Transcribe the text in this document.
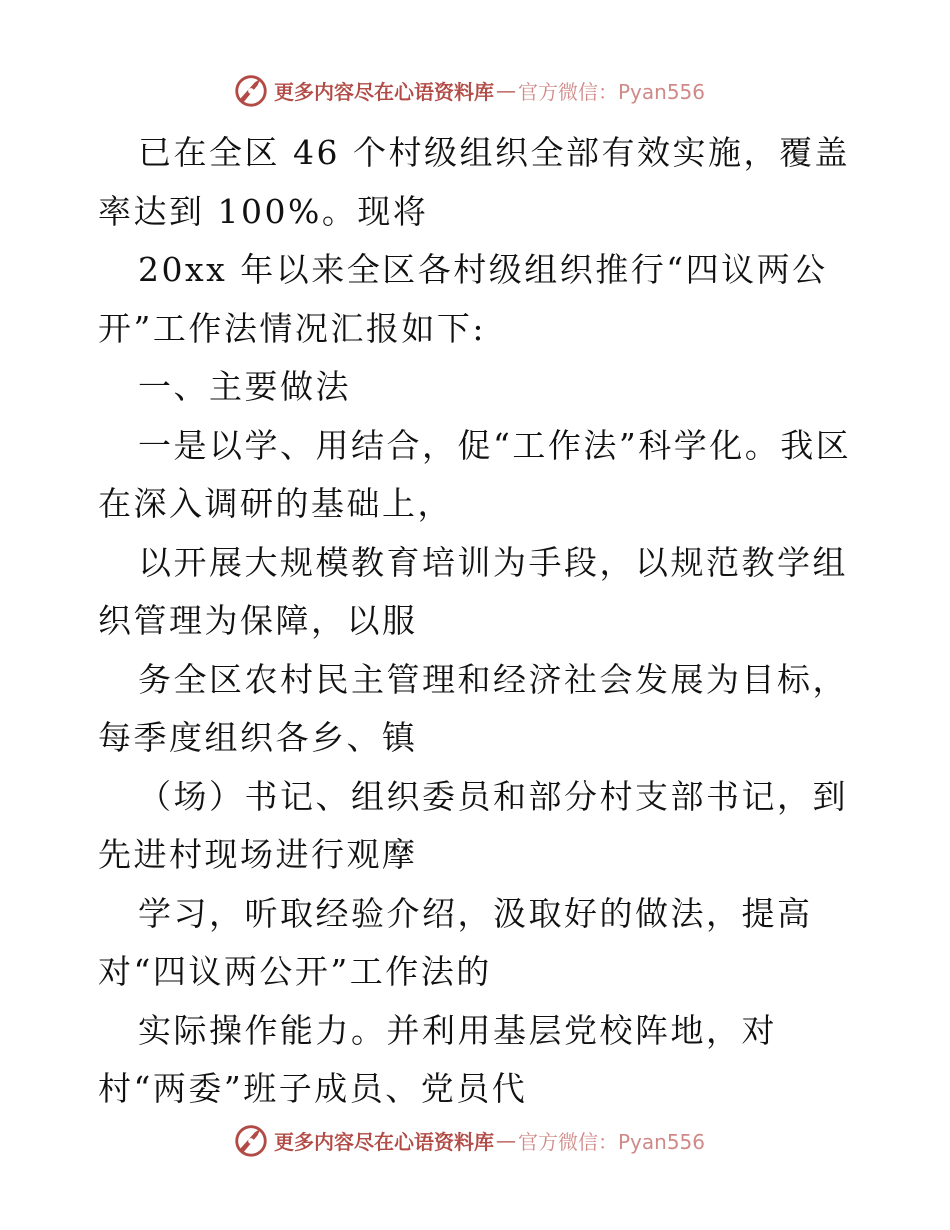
更多内容尽在心语资料库 — 官方微信：Pyan556

已在全区 46 个村级组织全部有效实施，覆盖率达到 100%。现将

20xx 年以来全区各村级组织推行“四议两公开”工作法情况汇报如下:

一、主要做法

一是以学、用结合，促“工作法”科学化。我区在深入调研的基础上，

以开展大规模教育培训为手段，以规范教学组织管理为保障，以服

务全区农村民主管理和经济社会发展为目标，每季度组织各乡、镇

（场）书记、组织委员和部分村支部书记，到先进村现场进行观摩

学习，听取经验介绍，汲取好的做法，提高对“四议两公开”工作法的

实际操作能力。并利用基层党校阵地，对村“两委”班子成员、党员代

更多内容尽在心语资料库 — 官方微信：Pyan556
